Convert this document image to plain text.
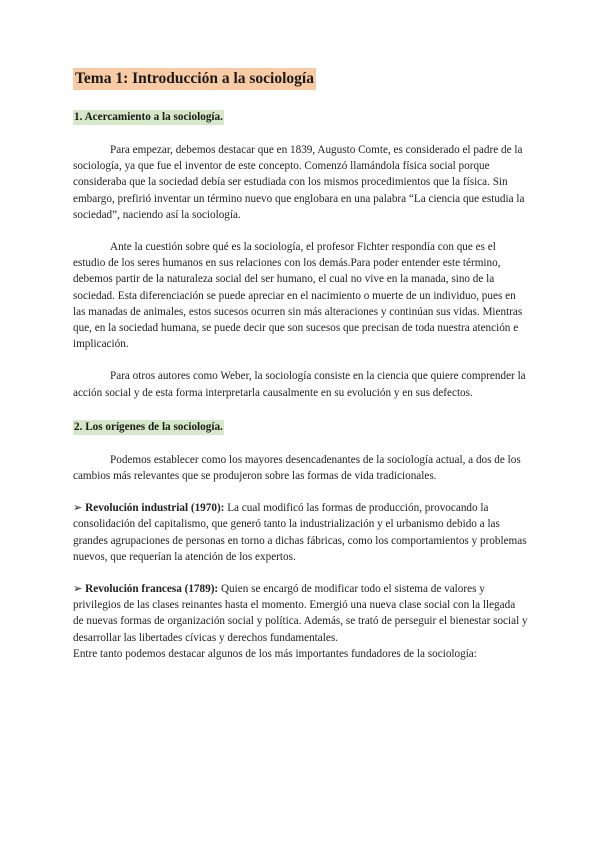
Tema 1: Introducción a la sociología
1. Acercamiento a la sociología.

Para empezar, debemos destacar que en 1839, Augusto Comte, es considerado el padre de la sociología, ya que fue el inventor de este concepto. Comenzó llamándola física social porque consideraba que la sociedad debía ser estudiada con los mismos procedimientos que la física. Sin embargo, prefirió inventar un término nuevo que englobara en una palabra “La ciencia que estudia la sociedad”, naciendo así la sociología.

Ante la cuestión sobre qué es la sociología, el profesor Fichter respondía con que es el estudio de los seres humanos en sus relaciones con los demás.Para poder entender este término, debemos partir de la naturaleza social del ser humano, el cual no vive en la manada, sino de la sociedad. Esta diferenciación se puede apreciar en el nacimiento o muerte de un individuo, pues en las manadas de animales, estos sucesos ocurren sin más alteraciones y continúan sus vidas. Mientras que, en la sociedad humana, se puede decir que son sucesos que precisan de toda nuestra atención e implicación.

Para otros autores como Weber, la sociología consiste en la ciencia que quiere comprender la acción social y de esta forma interpretarla causalmente en su evolución y en sus defectos.

2. Los orígenes de la sociología.

Podemos establecer como los mayores desencadenantes de la sociología actual, a dos de los cambios más relevantes que se produjeron sobre las formas de vida tradicionales.

➢ Revolución industrial (1970): La cual modificó las formas de producción, provocando la consolidación del capitalismo, que generó tanto la industrialización y el urbanismo debido a las grandes agrupaciones de personas en torno a dichas fábricas, como los comportamientos y problemas nuevos, que requerían la atención de los expertos.

➢ Revolución francesa (1789): Quien se encargó de modificar todo el sistema de valores y privilegios de las clases reinantes hasta el momento. Emergió una nueva clase social con la llegada de nuevas formas de organización social y política. Además, se trató de perseguir el bienestar social y desarrollar las libertades cívicas y derechos fundamentales.

Entre tanto podemos destacar algunos de los más importantes fundadores de la sociología:
